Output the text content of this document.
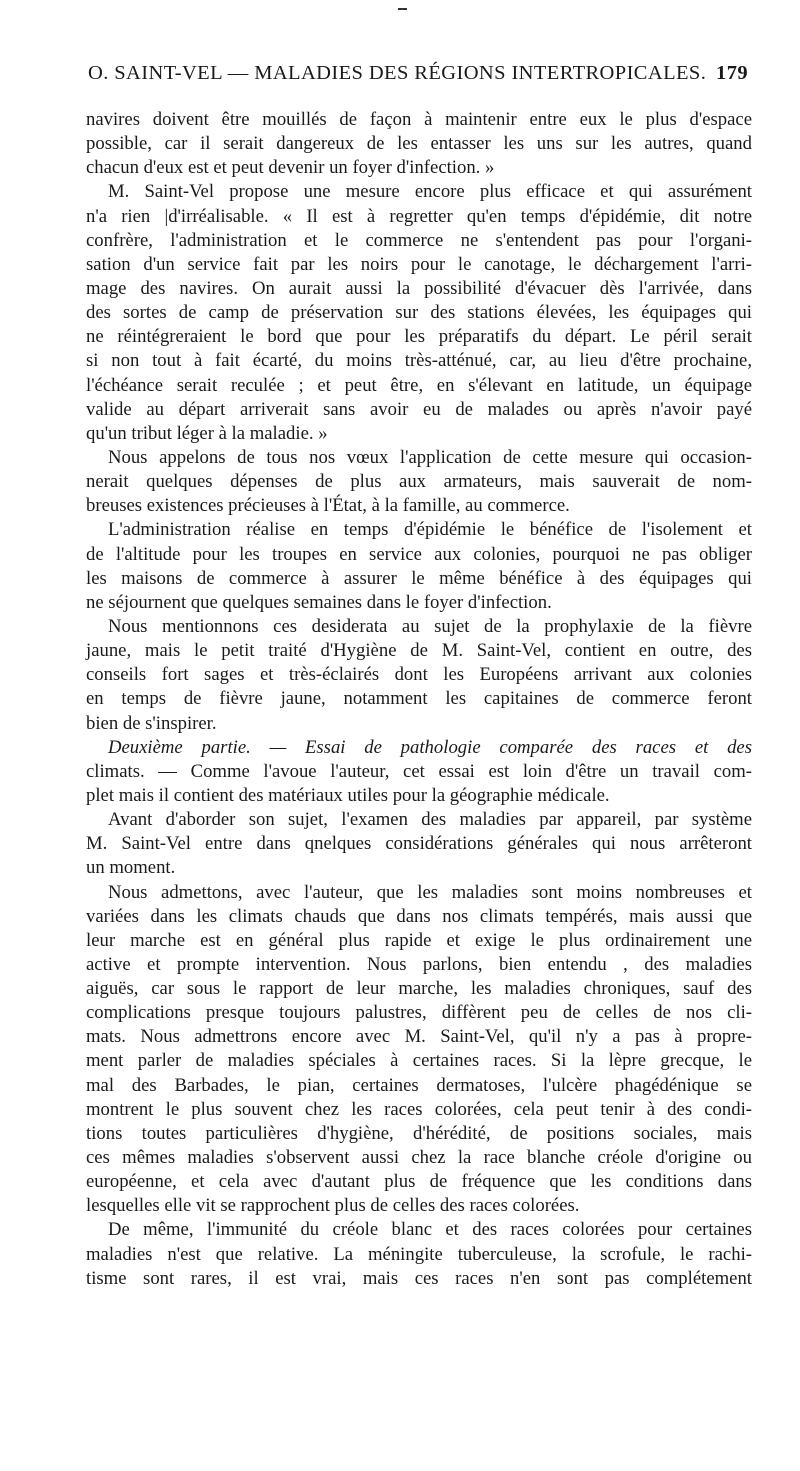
O. SAINT-VEL — MALADIES DES RÉGIONS INTERTROPICALES. 179
navires doivent être mouillés de façon à maintenir entre eux le plus d'espace
possible, car il serait dangereux de les entasser les uns sur les autres, quand
chacun d'eux est et peut devenir un foyer d'infection. »
M. Saint-Vel propose une mesure encore plus efficace et qui assurément
n'a rien |d'irréalisable. « Il est à regretter qu'en temps d'épidémie, dit notre
confrère, l'administration et le commerce ne s'entendent pas pour l'organi-
sation d'un service fait par les noirs pour le canotage, le déchargement l'arri-
mage des navires. On aurait aussi la possibilité d'évacuer dès l'arrivée, dans
des sortes de camp de préservation sur des stations élevées, les équipages qui
ne réintégreraient le bord que pour les préparatifs du départ. Le péril serait
si non tout à fait écarté, du moins très-atténué, car, au lieu d'être prochaine,
l'échéance serait reculée ; et peut être, en s'élevant en latitude, un équipage
valide au départ arriverait sans avoir eu de malades ou après n'avoir payé
qu'un tribut léger à la maladie. »
Nous appelons de tous nos vœux l'application de cette mesure qui occasion-
nerait quelques dépenses de plus aux armateurs, mais sauverait de nom-
breuses existences précieuses à l'État, à la famille, au commerce.
L'administration réalise en temps d'épidémie le bénéfice de l'isolement et
de l'altitude pour les troupes en service aux colonies, pourquoi ne pas obliger
les maisons de commerce à assurer le même bénéfice à des équipages qui
ne séjournent que quelques semaines dans le foyer d'infection.
Nous mentionnons ces desiderata au sujet de la prophylaxie de la fièvre
jaune, mais le petit traité d'Hygiène de M. Saint-Vel, contient en outre, des
conseils fort sages et très-éclairés dont les Européens arrivant aux colonies
en temps de fièvre jaune, notamment les capitaines de commerce feront
bien de s'inspirer.
Deuxième partie. — Essai de pathologie comparée des races et des
climats. — Comme l'avoue l'auteur, cet essai est loin d'être un travail com-
plet mais il contient des matériaux utiles pour la géographie médicale.
Avant d'aborder son sujet, l'examen des maladies par appareil, par système
M. Saint-Vel entre dans qnelques considérations générales qui nous arrêteront
un moment.
Nous admettons, avec l'auteur, que les maladies sont moins nombreuses et
variées dans les climats chauds que dans nos climats tempérés, mais aussi que
leur marche est en général plus rapide et exige le plus ordinairement une
active et prompte intervention. Nous parlons, bien entendu , des maladies
aiguës, car sous le rapport de leur marche, les maladies chroniques, sauf des
complications presque toujours palustres, diffèrent peu de celles de nos cli-
mats. Nous admettrons encore avec M. Saint-Vel, qu'il n'y a pas à propre-
ment parler de maladies spéciales à certaines races. Si la lèpre grecque, le
mal des Barbades, le pian, certaines dermatoses, l'ulcère phagédénique se
montrent le plus souvent chez les races colorées, cela peut tenir à des condi-
tions toutes particulières d'hygiène, d'hérédité, de positions sociales, mais
ces mêmes maladies s'observent aussi chez la race blanche créole d'origine ou
européenne, et cela avec d'autant plus de fréquence que les conditions dans
lesquelles elle vit se rapprochent plus de celles des races colorées.
De même, l'immunité du créole blanc et des races colorées pour certaines
maladies n'est que relative. La méningite tuberculeuse, la scrofule, le rachi-
tisme sont rares, il est vrai, mais ces races n'en sont pas complétement
